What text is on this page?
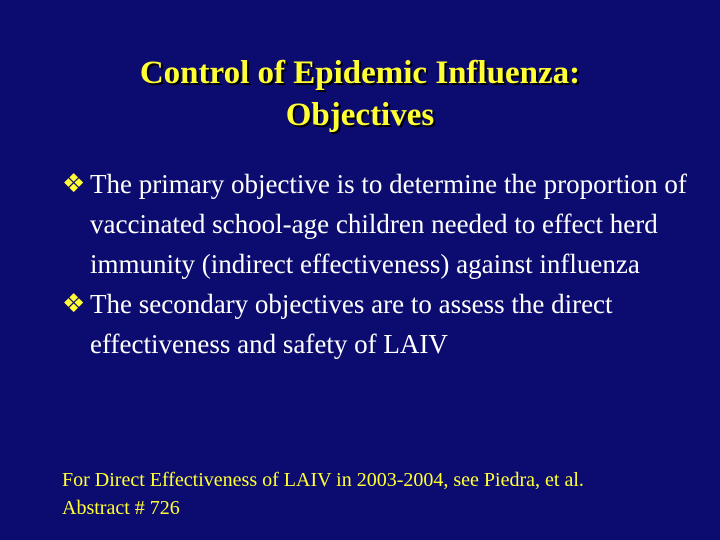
Control of Epidemic Influenza:
Objectives
❖ The primary objective is to determine the proportion of vaccinated school-age children needed to effect herd immunity (indirect effectiveness) against influenza
❖ The secondary objectives are to assess the direct effectiveness and safety of LAIV
For Direct Effectiveness of LAIV in 2003-2004, see Piedra, et al.
Abstract # 726
